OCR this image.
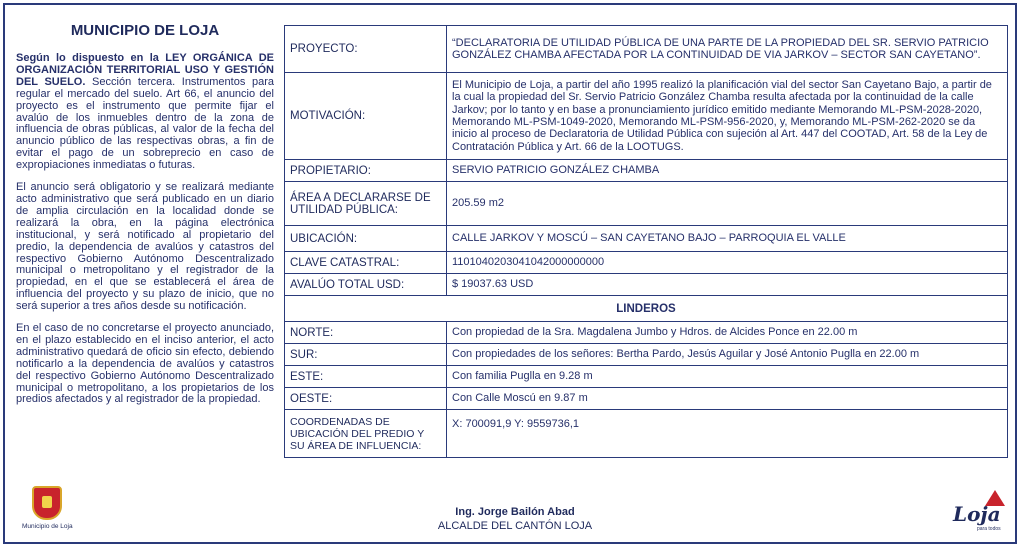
MUNICIPIO DE LOJA

Según lo dispuesto en la LEY ORGÁNICA DE ORGANIZACIÓN TERRITORIAL USO Y GESTIÓN DEL SUELO. Sección tercera. Instrumentos para regular el mercado del suelo. Art 66, el anuncio del proyecto es el instrumento que permite fijar el avalúo de los inmuebles dentro de la zona de influencia de obras públicas, al valor de la fecha del anuncio público de las respectivas obras, a fin de evitar el pago de un sobreprecio en caso de expropiaciones inmediatas o futuras.

El anuncio será obligatorio y se realizará mediante acto administrativo que será publicado en un diario de amplia circulación en la localidad donde se realizará la obra, en la página electrónica institucional, y será notificado al propietario del predio, la dependencia de avalúos y catastros del respectivo Gobierno Autónomo Descentralizado municipal o metropolitano y el registrador de la propiedad, en el que se establecerá el área de influencia del proyecto y su plazo de inicio, que no será superior a tres años desde su notificación.

En el caso de no concretarse el proyecto anunciado, en el plazo establecido en el inciso anterior, el acto administrativo quedará de oficio sin efecto, debiendo notificarlo a la dependencia de avalúos y catastros del respectivo Gobierno Autónomo Descentralizado municipal o metropolitano, a los propietarios de los predios afectados y al registrador de la propiedad.

PROYECTO:	“DECLARATORIA DE UTILIDAD PÚBLICA DE UNA PARTE DE LA PROPIEDAD DEL SR. SERVIO PATRICIO GONZÁLEZ CHAMBA AFECTADA POR LA CONTINUIDAD DE VIA JARKOV – SECTOR SAN CAYETANO”.
MOTIVACIÓN:	El Municipio de Loja, a partir del año 1995 realizó la planificación vial del sector San Cayetano Bajo, a partir de la cual la propiedad del Sr. Servio Patricio González Chamba resulta afectada por la continuidad de la calle Jarkov; por lo tanto y en base a pronunciamiento jurídico emitido mediante Memorando ML-PSM-2028-2020, Memorando ML-PSM-1049-2020, Memorando ML-PSM-956-2020, y, Memorando ML-PSM-262-2020 se da inicio al proceso de Declaratoria de Utilidad Pública con sujeción al Art. 447 del COOTAD, Art. 58 de la Ley de Contratación Pública y Art. 66 de la LOOTUGS.
PROPIETARIO:	SERVIO PATRICIO GONZÁLEZ CHAMBA
ÁREA A DECLARARSE DE UTILIDAD PÚBLICA:	205.59 m2
UBICACIÓN:	CALLE JARKOV Y MOSCÚ – SAN CAYETANO BAJO – PARROQUIA EL VALLE
CLAVE CATASTRAL:	1101040203041042000000000
AVALÚO TOTAL USD:	$ 19037.63 USD
LINDEROS	
NORTE:	Con propiedad de la Sra. Magdalena Jumbo y Hdros. de Alcides Ponce en 22.00 m
SUR:	Con propiedades de los señores: Bertha Pardo, Jesús Aguilar y José Antonio Puglla en 22.00 m
ESTE:	Con familia Puglla en 9.28 m
OESTE:	Con Calle Moscú en 9.87 m
COORDENADAS DE UBICACIÓN DEL PREDIO Y SU ÁREA DE INFLUENCIA:	X: 700091,9 Y: 9559736,1
Municipio de Loja
Ing. Jorge Bailón Abad
ALCALDE DEL CANTÓN LOJA	Loja
para todos
